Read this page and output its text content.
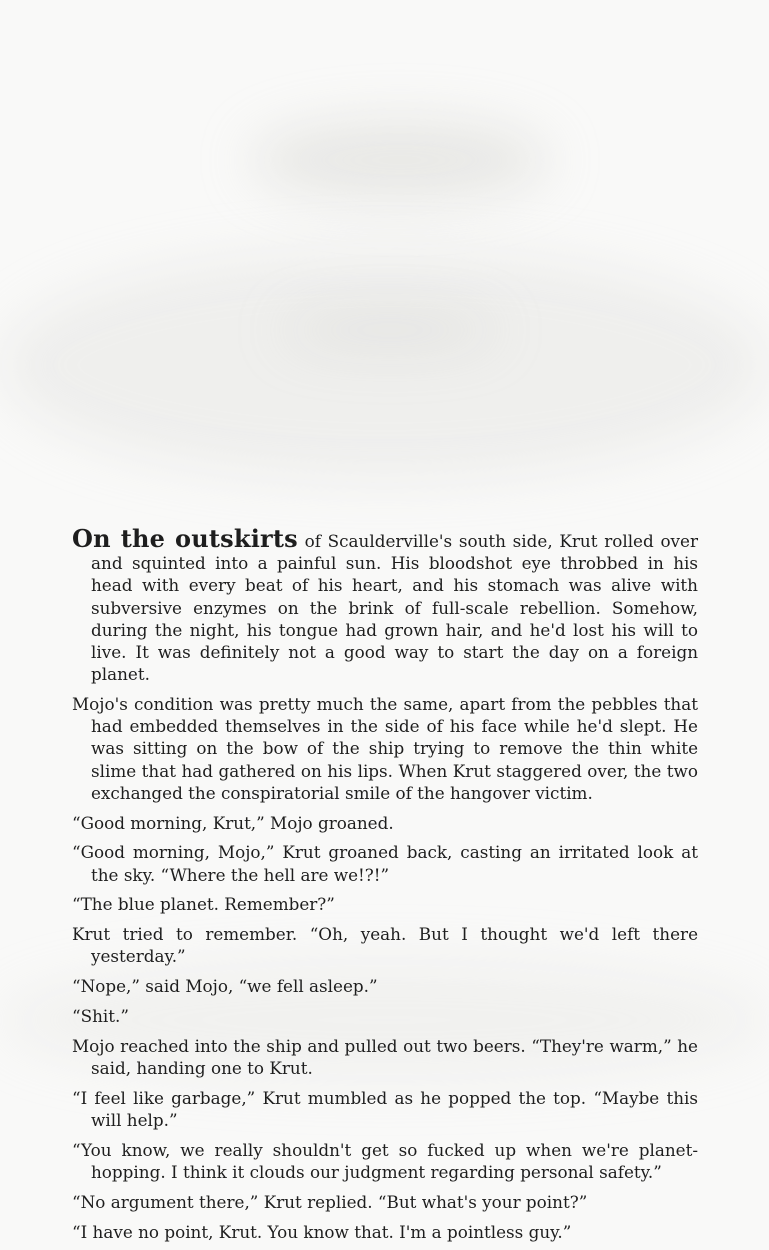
On the outskirts of Scaulderville's south side, Krut rolled over and squinted into a painful sun. His bloodshot eye throbbed in his head with every beat of his heart, and his stomach was alive with subversive enzymes on the brink of full-scale rebellion. Somehow, during the night, his tongue had grown hair, and he'd lost his will to live. It was definitely not a good way to start the day on a foreign planet.

Mojo's condition was pretty much the same, apart from the pebbles that had embedded themselves in the side of his face while he'd slept. He was sitting on the bow of the ship trying to remove the thin white slime that had gathered on his lips. When Krut staggered over, the two exchanged the conspiratorial smile of the hangover victim.

“Good morning, Krut,” Mojo groaned.

“Good morning, Mojo,” Krut groaned back, casting an irritated look at the sky. “Where the hell are we!?!”

“The blue planet. Remember?”

Krut tried to remember. “Oh, yeah. But I thought we'd left there yesterday.”

“Nope,” said Mojo, “we fell asleep.”

“Shit.”

Mojo reached into the ship and pulled out two beers. “They're warm,” he said, handing one to Krut.

“I feel like garbage,” Krut mumbled as he popped the top. “Maybe this will help.”

“You know, we really shouldn't get so fucked up when we're planet-hopping. I think it clouds our judgment regarding personal safety.”

“No argument there,” Krut replied. “But what's your point?”

“I have no point, Krut. You know that. I'm a pointless guy.”
